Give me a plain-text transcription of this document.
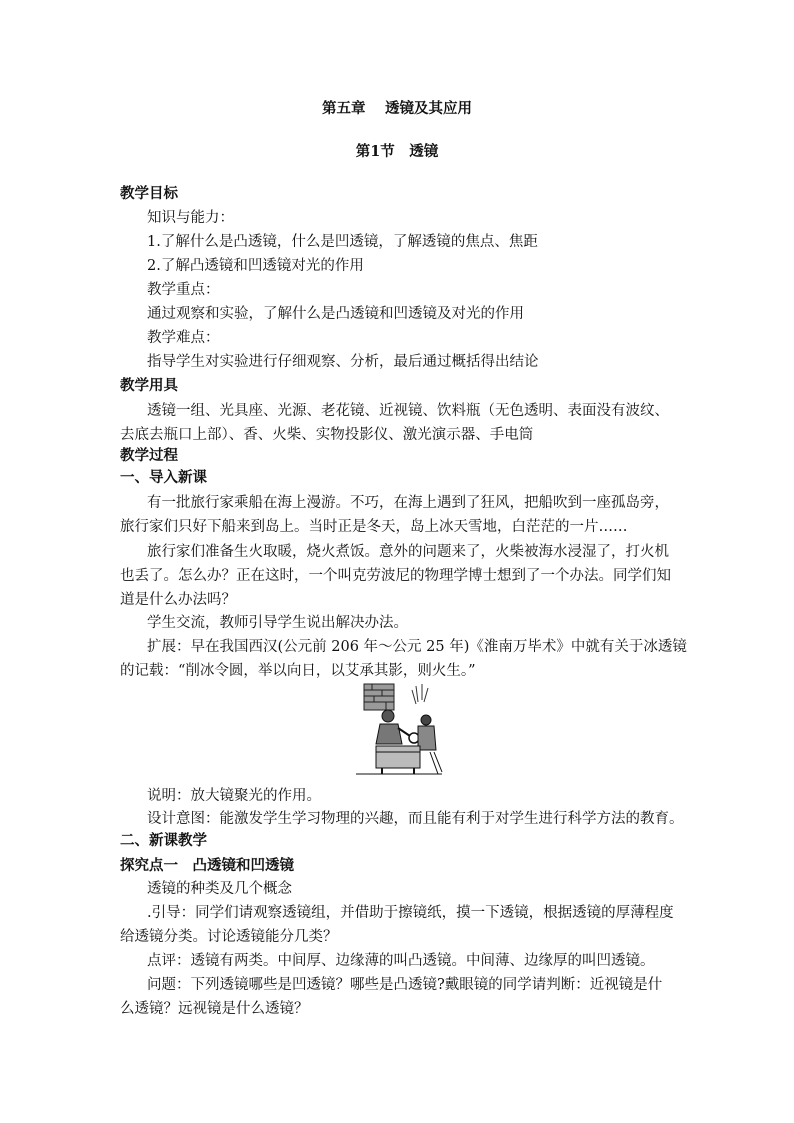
第五章　 透镜及其应用
第1节　透镜
教学目标
知识与能力：
1.了解什么是凸透镜，什么是凹透镜，了解透镜的焦点、焦距
2.了解凸透镜和凹透镜对光的作用
教学重点：
通过观察和实验，了解什么是凸透镜和凹透镜及对光的作用
教学难点：
指导学生对实验进行仔细观察、分析，最后通过概括得出结论
教学用具
透镜一组、光具座、光源、老花镜、近视镜、饮料瓶（无色透明、表面没有波纹、
去底去瓶口上部）、香、火柴、实物投影仪、激光演示器、手电筒
教学过程
一、导入新课
有一批旅行家乘船在海上漫游。不巧，在海上遇到了狂风，把船吹到一座孤岛旁，
旅行家们只好下船来到岛上。当时正是冬天，岛上冰天雪地，白茫茫的一片……
旅行家们准备生火取暖，烧火煮饭。意外的问题来了，火柴被海水浸湿了，打火机
也丢了。怎么办？正在这时，一个叫克劳波尼的物理学博士想到了一个办法。同学们知
道是什么办法吗？
学生交流，教师引导学生说出解决办法。
扩展：早在我国西汉(公元前 206 年～公元 25 年)《淮南万毕术》中就有关于冰透镜
的记载：“削冰令圆，举以向日，以艾承其影，则火生。”
说明：放大镜聚光的作用。
设计意图：能激发学生学习物理的兴趣，而且能有利于对学生进行科学方法的教育。
二、新课教学
探究点一　凸透镜和凹透镜
透镜的种类及几个概念
.引导：同学们请观察透镜组，并借助于擦镜纸，摸一下透镜，根据透镜的厚薄程度
给透镜分类。讨论透镜能分几类？
点评：透镜有两类。中间厚、边缘薄的叫凸透镜。中间薄、边缘厚的叫凹透镜。
问题：下列透镜哪些是凹透镜？哪些是凸透镜?戴眼镜的同学请判断：近视镜是什
么透镜？远视镜是什么透镜？
